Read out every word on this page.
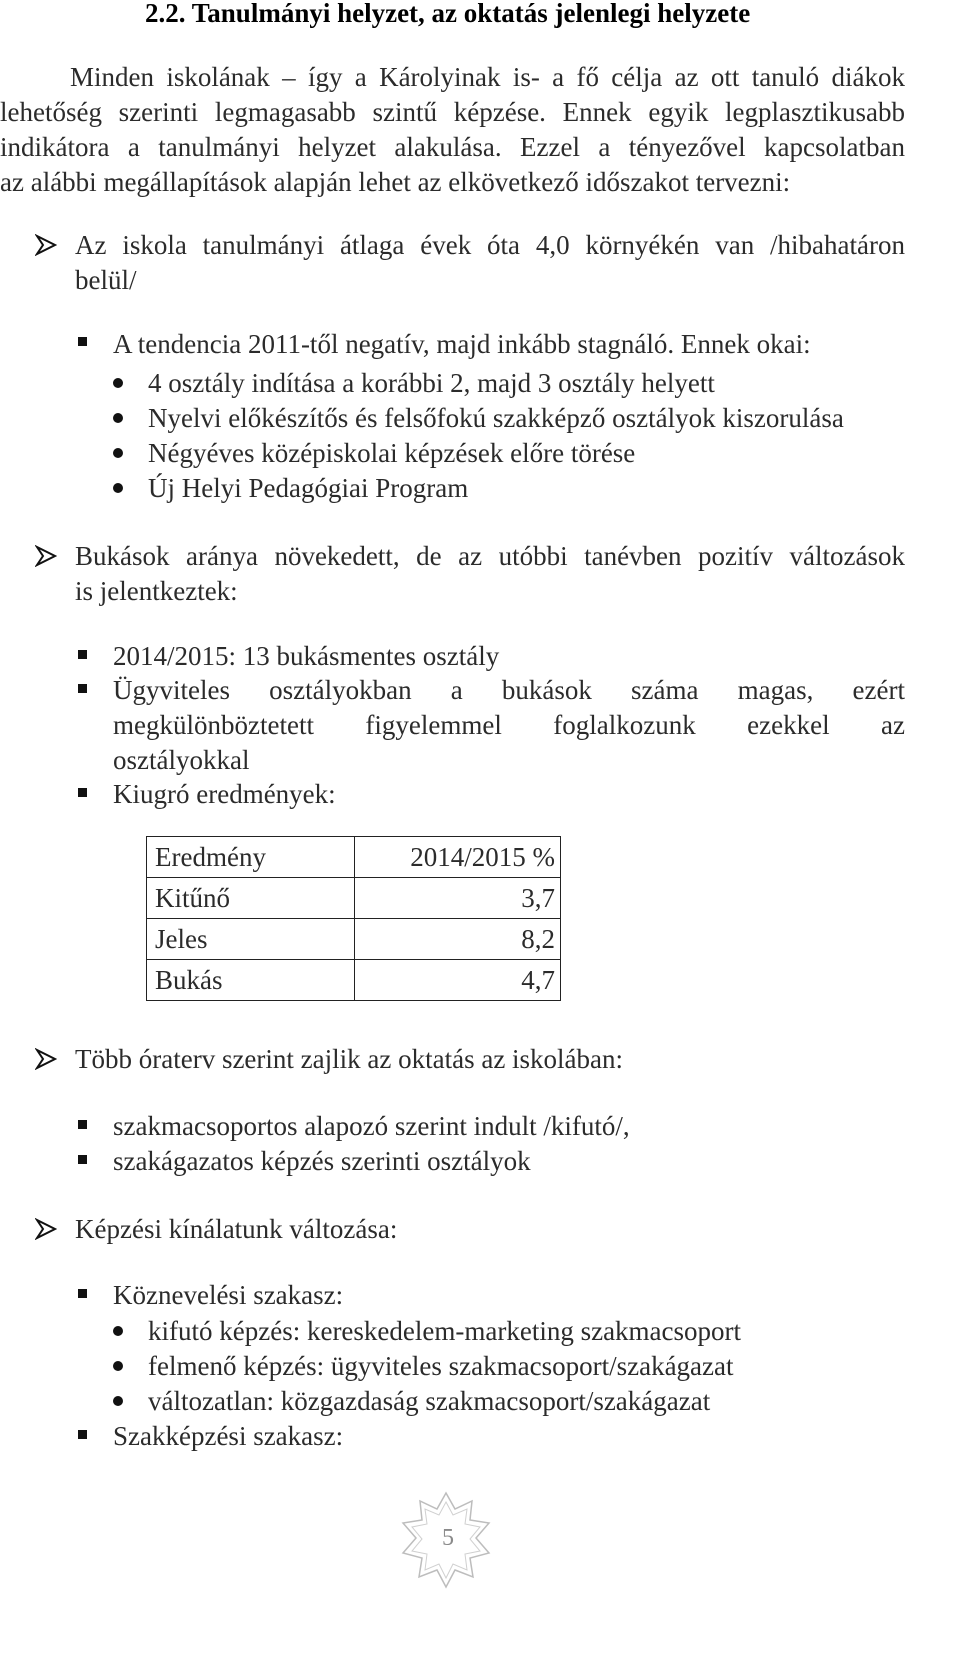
2.2. Tanulmányi helyzet, az oktatás jelenlegi helyzete
Minden iskolának – így a Károlyinak is- a fő célja az ott tanuló diákok
lehetőség szerinti legmagasabb szintű képzése. Ennek egyik legplasztikusabb
indikátora a tanulmányi helyzet alakulása. Ezzel a tényezővel kapcsolatban
az alábbi megállapítások alapján lehet az elkövetkező időszakot tervezni:
Az iskola tanulmányi átlaga évek óta 4,0 környékén van /hibahatáron
belül/
A tendencia 2011-től negatív, majd inkább stagnáló. Ennek okai:
4 osztály indítása a korábbi 2, majd 3 osztály helyett
Nyelvi előkészítős és felsőfokú szakképző osztályok kiszorulása
Négyéves középiskolai képzések előre törése
Új Helyi Pedagógiai Program
Bukások aránya növekedett, de az utóbbi tanévben pozitív változások
is jelentkeztek:
2014/2015: 13 bukásmentes osztály
Ügyviteles osztályokban a bukások száma magas, ezért
megkülönböztetett figyelemmel foglalkozunk ezekkel az
osztályokkal
Kiugró eredmények:
Eredmény	2014/2015 %
Kitűnő	3,7
Jeles	8,2
Bukás	4,7
Több óraterv szerint zajlik az oktatás az iskolában:
szakmacsoportos alapozó szerint indult /kifutó/,
szakágazatos képzés szerinti osztályok
Képzési kínálatunk változása:
Köznevelési szakasz:
kifutó képzés: kereskedelem-marketing szakmacsoport
felmenő képzés: ügyviteles szakmacsoport/szakágazat
változatlan: közgazdaság szakmacsoport/szakágazat
Szakképzési szakasz:
5
